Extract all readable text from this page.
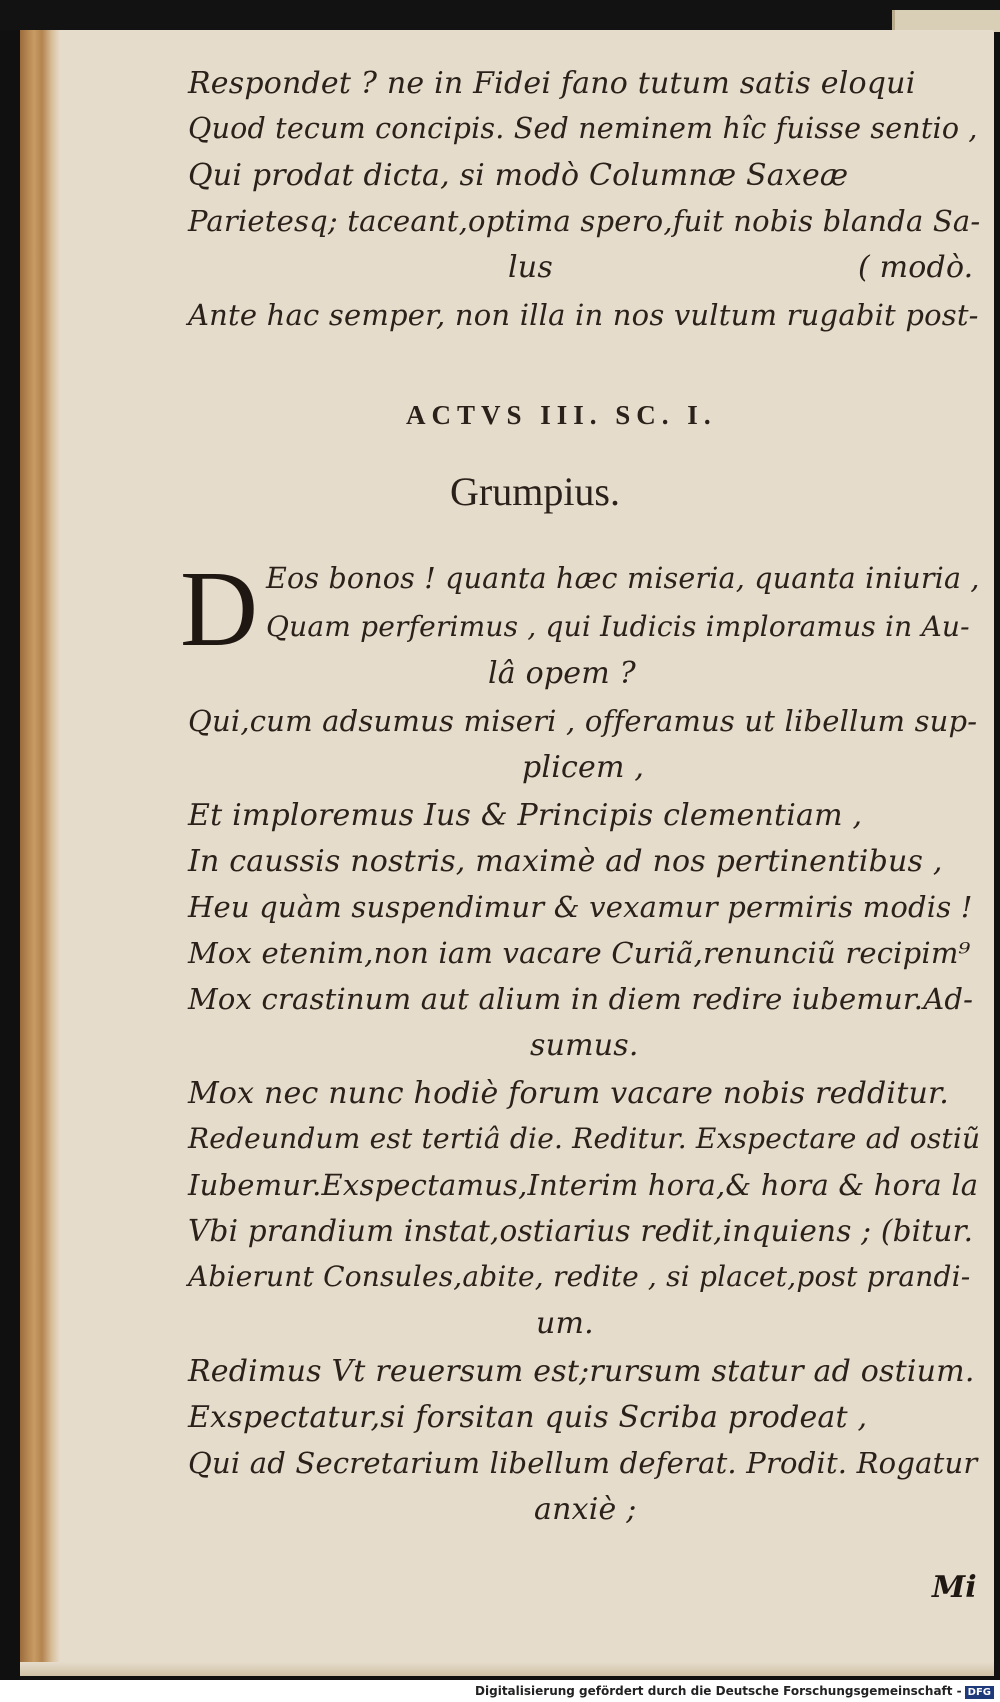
Respondet ? ne in Fidei fano tutum satis eloqui
Quod tecum concipis. Sed neminem hîc fuisse sentio ,
Qui prodat dicta, si modò Columnæ Saxeæ
Parietesq; taceant,optima spero,fuit nobis blanda Sa-
lus	( modò.
Ante hac semper, non illa in nos vultum rugabit post-
ACTVS III. SC. I.
Grumpius.
D Eos bonos ! quanta hæc miseria, quanta iniuria ,
Quam perferimus , qui Iudicis imploramus in Au-
lâ opem ?
Qui,cum adsumus miseri , offeramus ut libellum sup-
plicem ,
Et imploremus Ius & Principis clementiam ,
In caussis nostris, maximè ad nos pertinentibus ,
Heu quàm suspendimur & vexamur permiris modis !
Mox etenim,non iam vacare Curiã,renunciũ recipim⁹
Mox crastinum aut alium in diem redire iubemur.Ad-
sumus.
Mox nec nunc hodiè forum vacare nobis redditur.
Redeundum est tertiâ die. Reditur. Exspectare ad ostiũ
Iubemur.Exspectamus,Interim hora,& hora & hora la
Vbi prandium instat,ostiarius redit,inquiens ; (bitur.
Abierunt Consules,abite, redite , si placet,post prandi-
um.
Redimus Vt reuersum est;rursum statur ad ostium.
Exspectatur,si forsitan quis Scriba prodeat ,
Qui ad Secretarium libellum deferat. Prodit. Rogatur
anxiè ;
Mi
Digitalisierung gefördert durch die Deutsche Forschungsgemeinschaft - DFG
